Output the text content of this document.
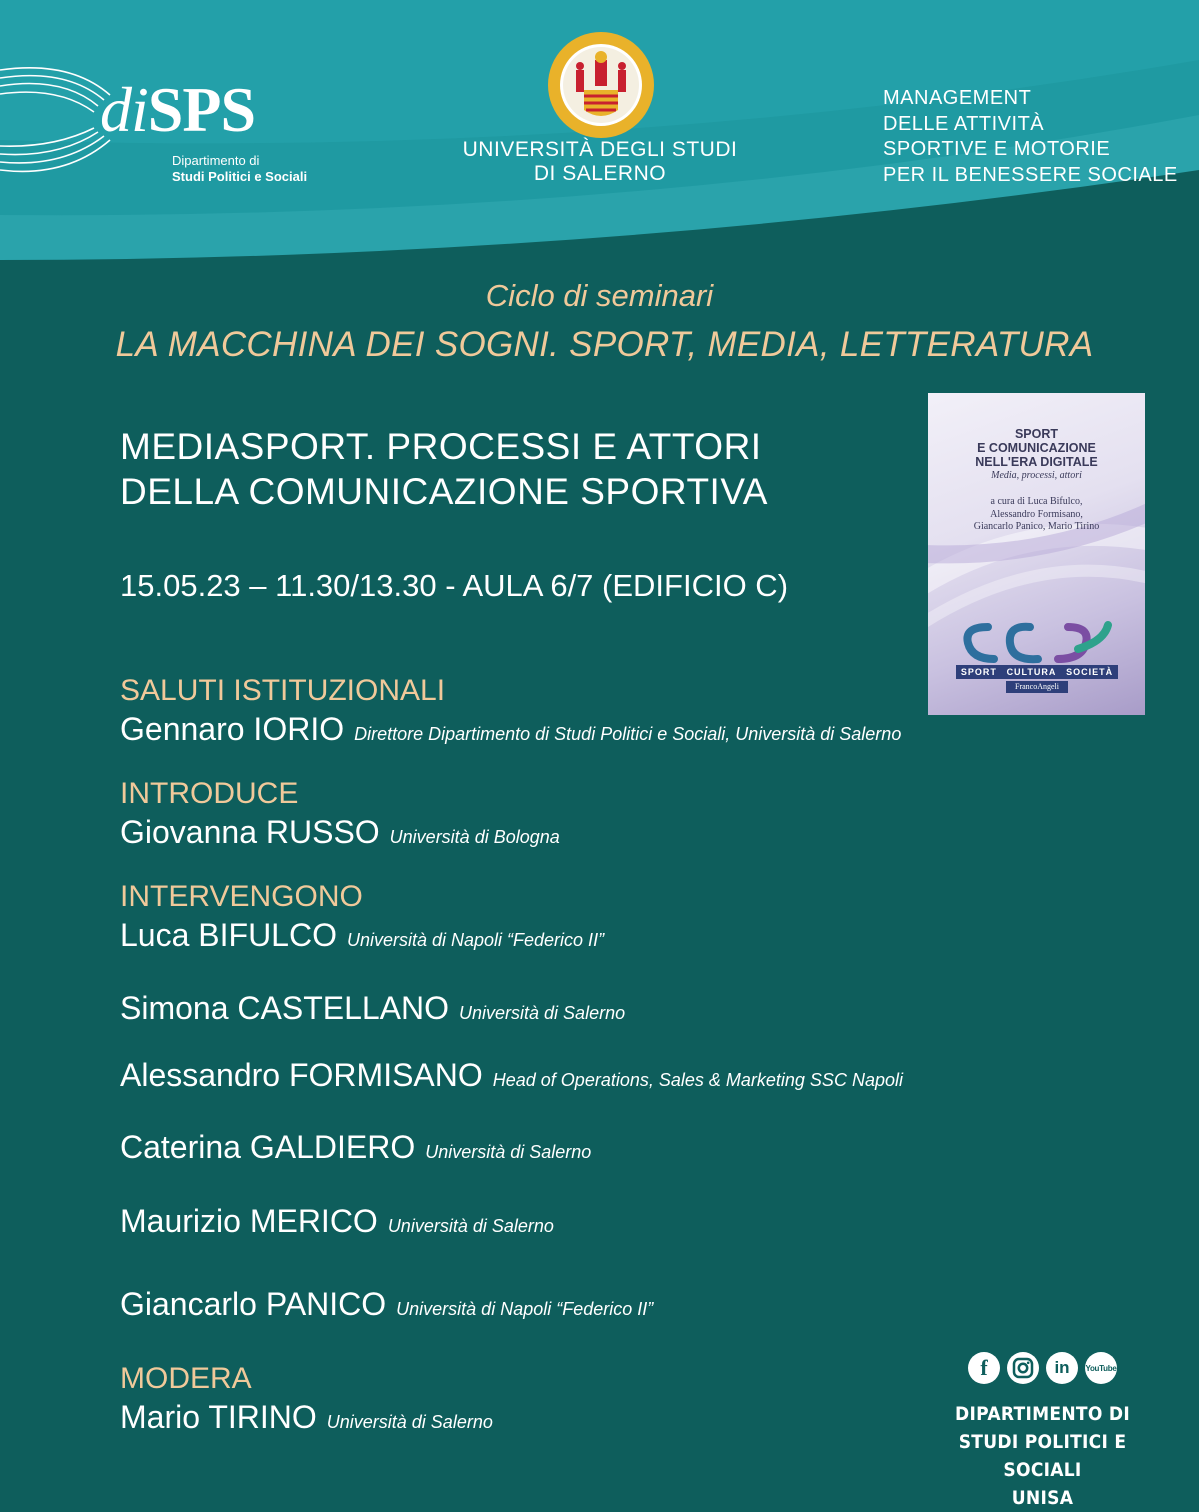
diSPS
Dipartimento di
Studi Politici e Sociali
UNIVERSITÀ DEGLI STUDI
DI SALERNO
MANAGEMENT
DELLE ATTIVITÀ
SPORTIVE E MOTORIE
PER IL BENESSERE SOCIALE
Ciclo di seminari
LA MACCHINA DEI SOGNI. SPORT, MEDIA, LETTERATURA
MEDIASPORT. PROCESSI E ATTORI
DELLA COMUNICAZIONE SPORTIVA
15.05.23 – 11.30/13.30 - AULA 6/7 (EDIFICIO C)
SPORT
E COMUNICAZIONE
NELL'ERA DIGITALE
Media, processi, attori
a cura di Luca Bifulco,
Alessandro Formisano,
Giancarlo Panico, Mario Tirino
SPORT CULTURA SOCIETÀ
FrancoAngeli
SALUTI ISTITUZIONALI
Gennaro IORIO Direttore Dipartimento di Studi Politici e Sociali, Università di Salerno
INTRODUCE
Giovanna RUSSO Università di Bologna
INTERVENGONO
Luca BIFULCO Università di Napoli “Federico II”
Simona CASTELLANO Università di Salerno
Alessandro FORMISANO Head of Operations, Sales & Marketing SSC Napoli
Caterina GALDIERO Università di Salerno
Maurizio MERICO Università di Salerno
Giancarlo PANICO Università di Napoli “Federico II”
MODERA
Mario TIRINO Università di Salerno
f	in	YouTube
DIPARTIMENTO DI
STUDI POLITICI E SOCIALI
UNISA
